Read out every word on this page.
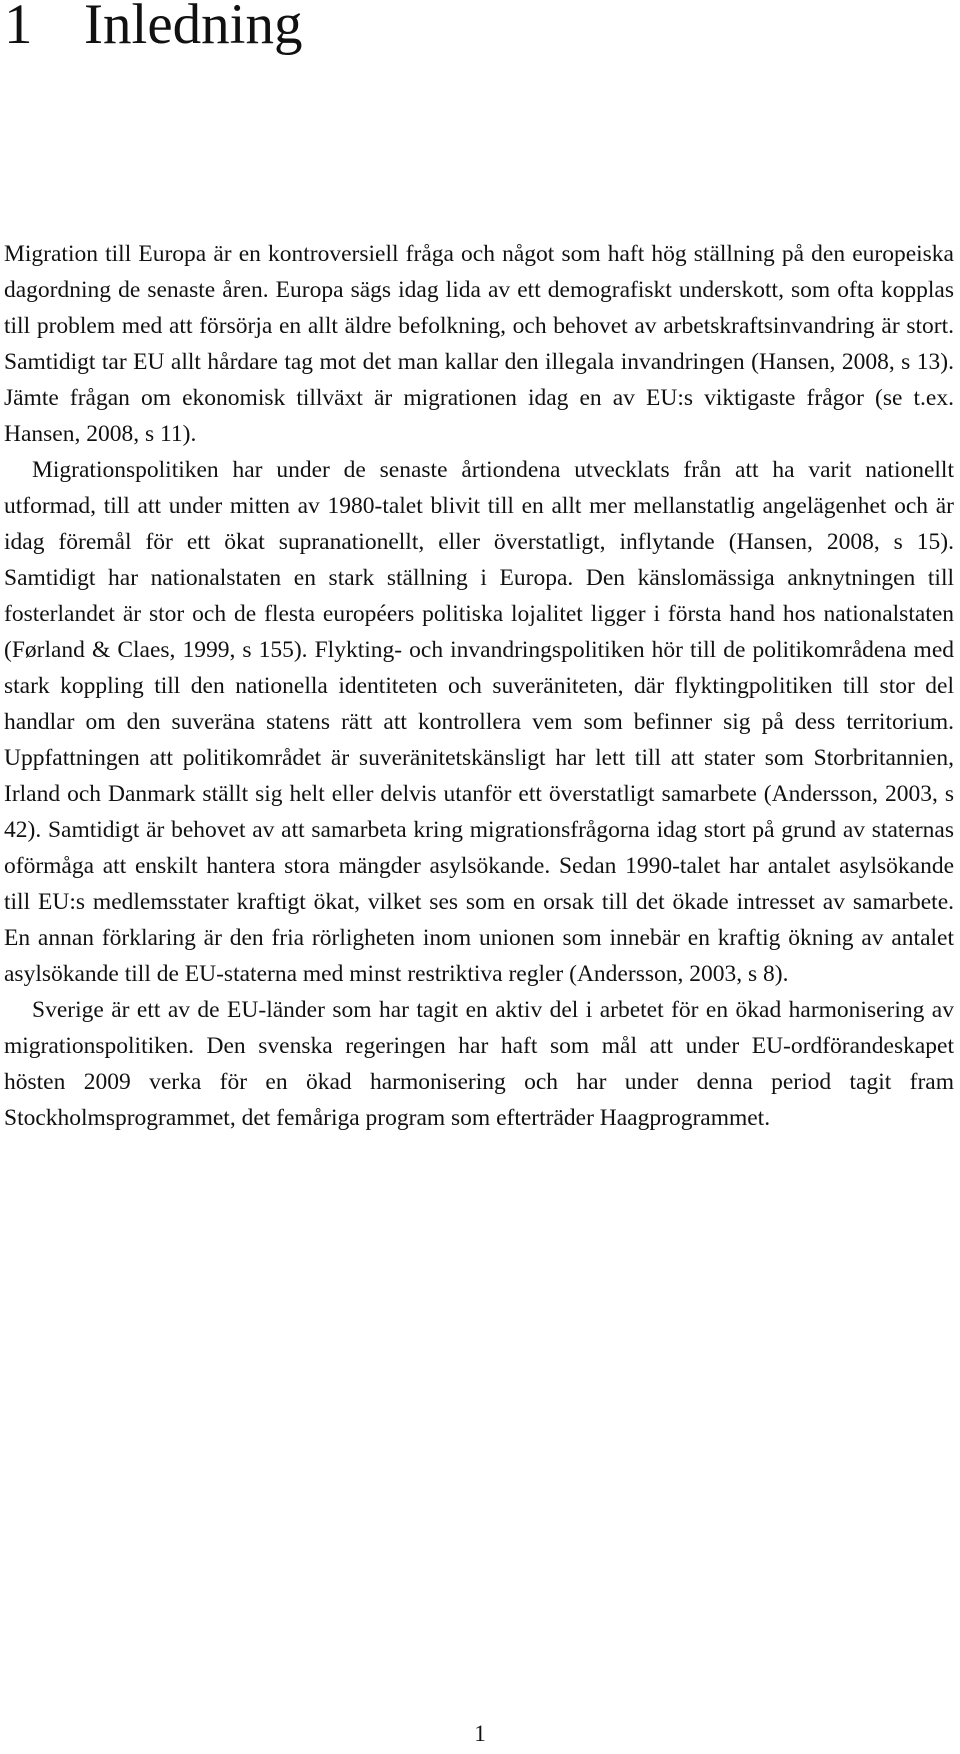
1 Inledning

Migration till Europa är en kontroversiell fråga och något som haft hög ställning på den europeiska dagordning de senaste åren. Europa sägs idag lida av ett demografiskt underskott, som ofta kopplas till problem med att försörja en allt äldre befolkning, och behovet av arbetskraftsinvandring är stort. Samtidigt tar EU allt hårdare tag mot det man kallar den illegala invandringen (Hansen, 2008, s 13). Jämte frågan om ekonomisk tillväxt är migrationen idag en av EU:s viktigaste frågor (se t.ex. Hansen, 2008, s 11).

Migrationspolitiken har under de senaste årtiondena utvecklats från att ha varit nationellt utformad, till att under mitten av 1980-talet blivit till en allt mer mellanstatlig angelägenhet och är idag föremål för ett ökat supranationellt, eller överstatligt, inflytande (Hansen, 2008, s 15). Samtidigt har nationalstaten en stark ställning i Europa. Den känslomässiga anknytningen till fosterlandet är stor och de flesta européers politiska lojalitet ligger i första hand hos nationalstaten (Førland & Claes, 1999, s 155). Flykting- och invandringspolitiken hör till de politikområdena med stark koppling till den nationella identiteten och suveräniteten, där flyktingpolitiken till stor del handlar om den suveräna statens rätt att kontrollera vem som befinner sig på dess territorium. Uppfattningen att politikområdet är suveränitetskänsligt har lett till att stater som Storbritannien, Irland och Danmark ställt sig helt eller delvis utanför ett överstatligt samarbete (Andersson, 2003, s 42). Samtidigt är behovet av att samarbeta kring migrationsfrågorna idag stort på grund av staternas oförmåga att enskilt hantera stora mängder asylsökande. Sedan 1990-talet har antalet asylsökande till EU:s medlemsstater kraftigt ökat, vilket ses som en orsak till det ökade intresset av samarbete. En annan förklaring är den fria rörligheten inom unionen som innebär en kraftig ökning av antalet asylsökande till de EU-staterna med minst restriktiva regler (Andersson, 2003, s 8).

Sverige är ett av de EU-länder som har tagit en aktiv del i arbetet för en ökad harmonisering av migrationspolitiken. Den svenska regeringen har haft som mål att under EU-ordförandeskapet hösten 2009 verka för en ökad harmonisering och har under denna period tagit fram Stockholmsprogrammet, det femåriga program som efterträder Haagprogrammet.

1
